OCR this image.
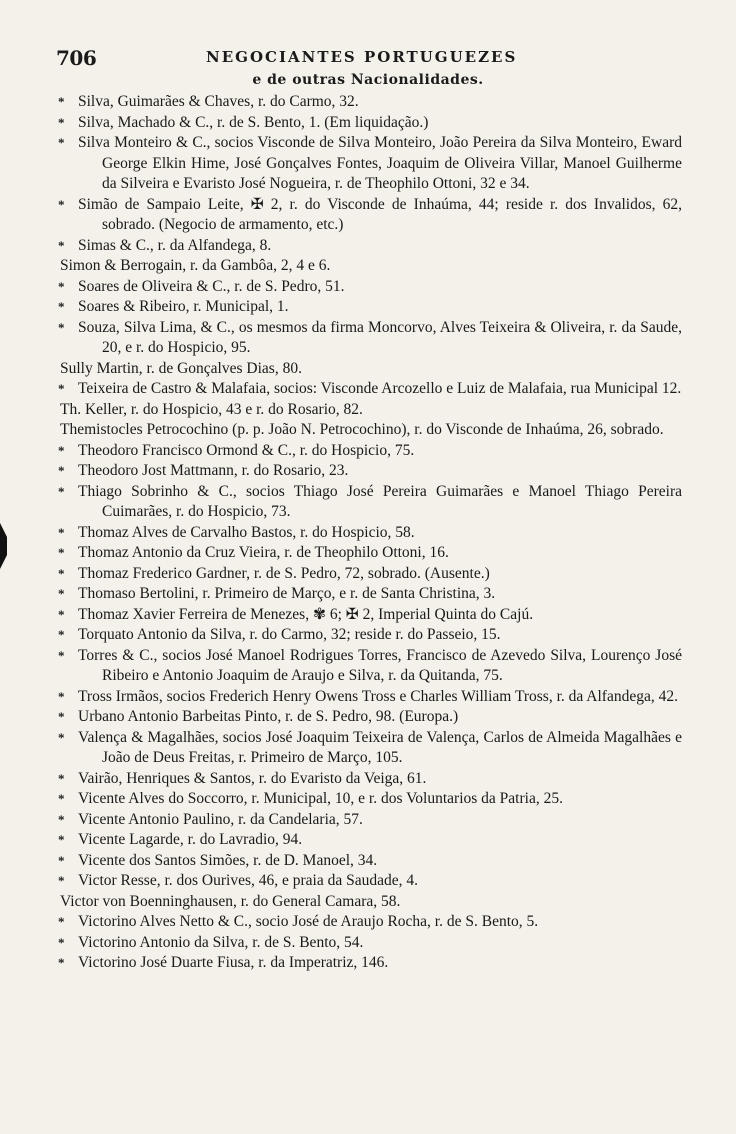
706	NEGOCIANTES PORTUGUEZES
e de outras Nacionalidades.
* Silva, Guimarães & Chaves, r. do Carmo, 32.
* Silva, Machado & C., r. de S. Bento, 1. (Em liquidação.)
* Silva Monteiro & C., socios Visconde de Silva Monteiro, João Pereira da Silva Monteiro, Eward George Elkin Hime, José Gonçalves Fontes, Joaquim de Oliveira Villar, Manoel Guilherme da Silveira e Evaristo José Nogueira, r. de Theophilo Ottoni, 32 e 34.
* Simão de Sampaio Leite, ✠ 2, r. do Visconde de Inhaúma, 44; reside r. dos Invalidos, 62, sobrado. (Negocio de armamento, etc.)
* Simas & C., r. da Alfandega, 8.
Simon & Berrogain, r. da Gambôa, 2, 4 e 6.
* Soares de Oliveira & C., r. de S. Pedro, 51.
* Soares & Ribeiro, r. Municipal, 1.
* Souza, Silva Lima, & C., os mesmos da firma Moncorvo, Alves Teixeira & Oliveira, r. da Saude, 20, e r. do Hospicio, 95.
Sully Martin, r. de Gonçalves Dias, 80.
* Teixeira de Castro & Malafaia, socios: Visconde Arcozello e Luiz de Malafaia, rua Municipal 12.
Th. Keller, r. do Hospicio, 43 e r. do Rosario, 82.
Themistocles Petrocochino (p. p. João N. Petrocochino), r. do Visconde de Inhaúma, 26, sobrado.
* Theodoro Francisco Ormond & C., r. do Hospicio, 75.
* Theodoro Jost Mattmann, r. do Rosario, 23.
* Thiago Sobrinho & C., socios Thiago José Pereira Guimarães e Manoel Thiago Pereira Cuimarães, r. do Hospicio, 73.
* Thomaz Alves de Carvalho Bastos, r. do Hospicio, 58.
* Thomaz Antonio da Cruz Vieira, r. de Theophilo Ottoni, 16.
* Thomaz Frederico Gardner, r. de S. Pedro, 72, sobrado. (Ausente.)
* Thomaso Bertolini, r. Primeiro de Março, e r. de Santa Christina, 3.
* Thomaz Xavier Ferreira de Menezes, ✾ 6; ✠ 2, Imperial Quinta do Cajú.
* Torquato Antonio da Silva, r. do Carmo, 32; reside r. do Passeio, 15.
* Torres & C., socios José Manoel Rodrigues Torres, Francisco de Azevedo Silva, Lourenço José Ribeiro e Antonio Joaquim de Araujo e Silva, r. da Quitanda, 75.
* Tross Irmãos, socios Frederich Henry Owens Tross e Charles William Tross, r. da Alfandega, 42.
* Urbano Antonio Barbeitas Pinto, r. de S. Pedro, 98. (Europa.)
* Valença & Magalhães, socios José Joaquim Teixeira de Valença, Carlos de Almeida Magalhães e João de Deus Freitas, r. Primeiro de Março, 105.
* Vairão, Henriques & Santos, r. do Evaristo da Veiga, 61.
* Vicente Alves do Soccorro, r. Municipal, 10, e r. dos Voluntarios da Patria, 25.
* Vicente Antonio Paulino, r. da Candelaria, 57.
* Vicente Lagarde, r. do Lavradio, 94.
* Vicente dos Santos Simões, r. de D. Manoel, 34.
* Victor Resse, r. dos Ourives, 46, e praia da Saudade, 4.
Victor von Boenninghausen, r. do General Camara, 58.
* Victorino Alves Netto & C., socio José de Araujo Rocha, r. de S. Bento, 5.
* Victorino Antonio da Silva, r. de S. Bento, 54.
* Victorino José Duarte Fiusa, r. da Imperatriz, 146.
